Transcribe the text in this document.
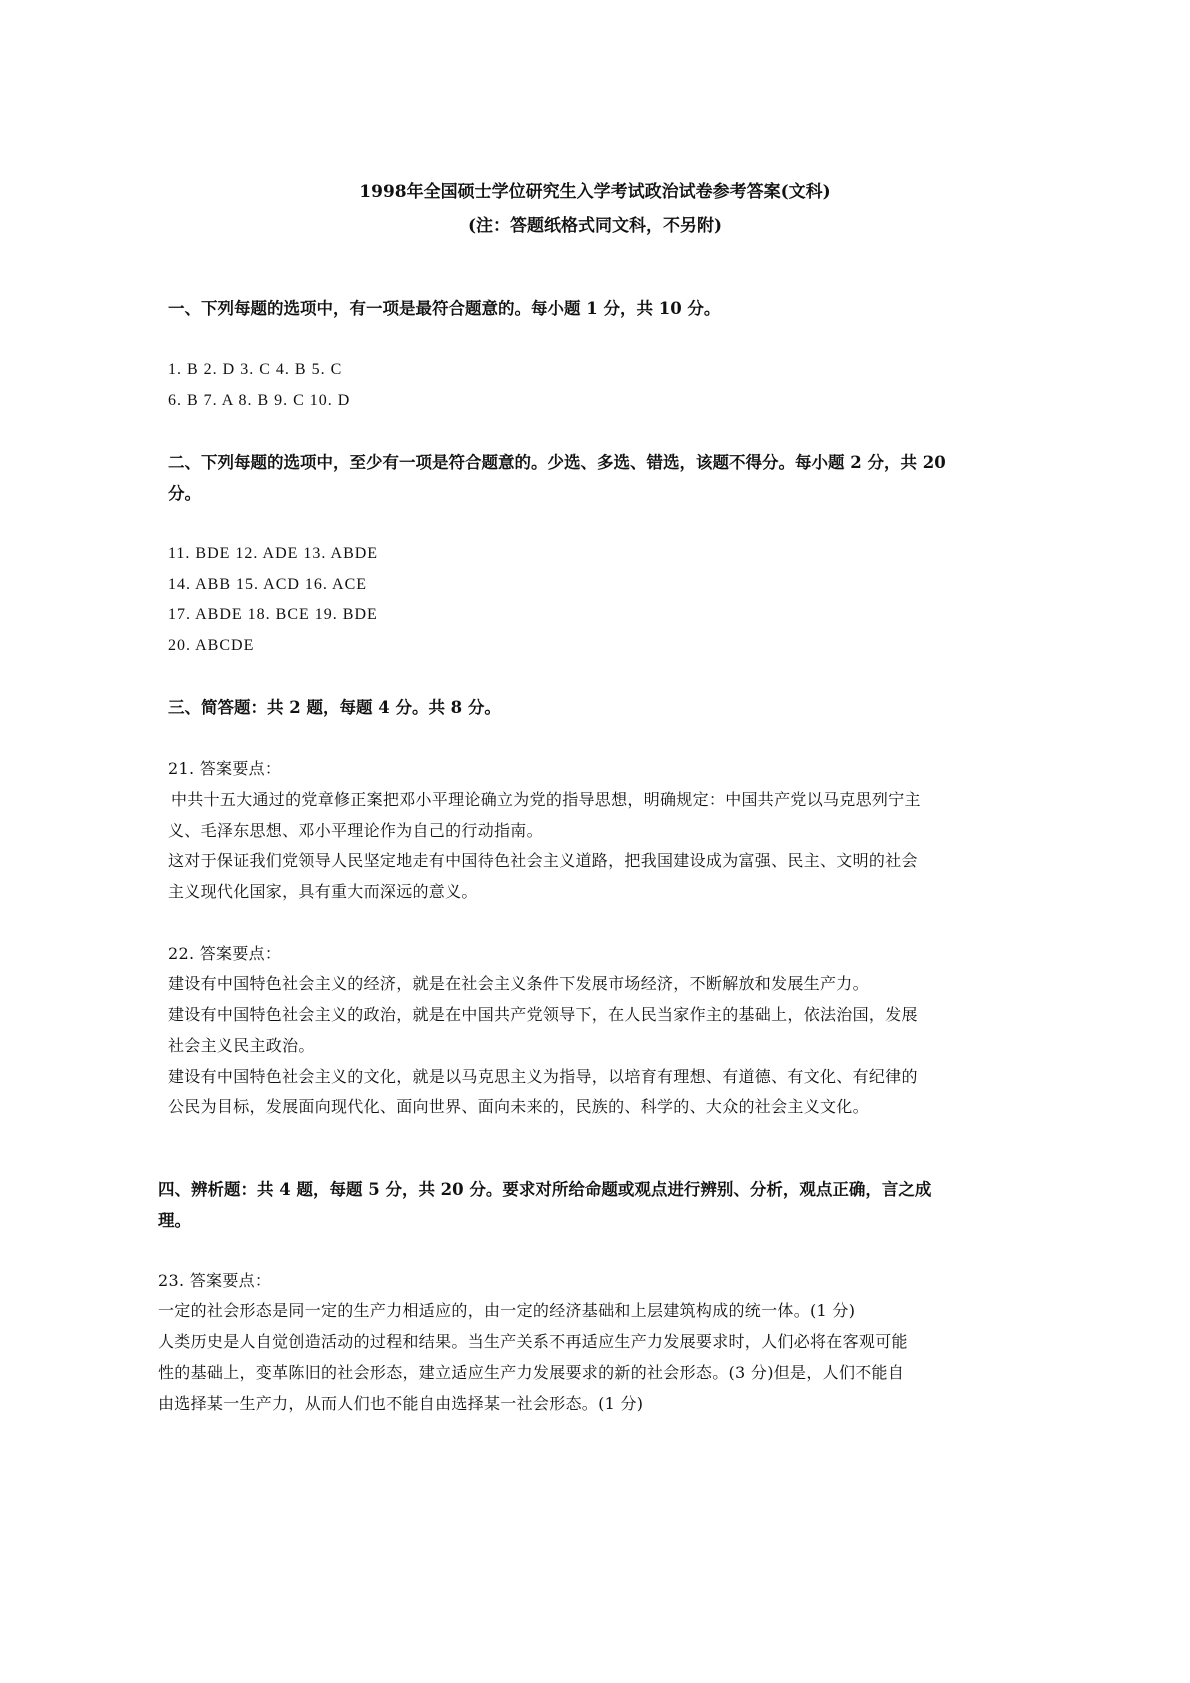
1998年全国硕士学位研究生入学考试政治试卷参考答案(文科)
(注：答题纸格式同文科，不另附)
一、下列每题的选项中，有一项是最符合题意的。每小题 1 分，共 10 分。
1. B 2. D 3. C 4. B 5. C
6. B 7. A 8. B 9. C 10. D
二、下列每题的选项中，至少有一项是符合题意的。少选、多选、错选，该题不得分。每小题 2 分，共 20
分。
11. BDE 12. ADE 13. ABDE
14. ABB 15. ACD 16. ACE
17. ABDE 18. BCE 19. BDE
20. ABCDE
三、简答题：共 2 题，每题 4 分。共 8 分。
21. 答案要点：
中共十五大通过的党章修正案把邓小平理论确立为党的指导思想，明确规定：中国共产党以马克思列宁主
义、毛泽东思想、邓小平理论作为自己的行动指南。
这对于保证我们党领导人民坚定地走有中国待色社会主义道路，把我国建设成为富强、民主、文明的社会
主义现代化国家，具有重大而深远的意义。
22. 答案要点：
建设有中国特色社会主义的经济，就是在社会主义条件下发展市场经济，不断解放和发展生产力。
建设有中国特色社会主义的政治，就是在中国共产党领导下，在人民当家作主的基础上，依法治国，发展
社会主义民主政治。
建设有中国特色社会主义的文化，就是以马克思主义为指导，以培育有理想、有道德、有文化、有纪律的
公民为目标，发展面向现代化、面向世界、面向未来的，民族的、科学的、大众的社会主义文化。
四、辨析题：共 4 题，每题 5 分，共 20 分。要求对所给命题或观点进行辨别、分析，观点正确，言之成
理。
23. 答案要点：
一定的社会形态是同一定的生产力相适应的，由一定的经济基础和上层建筑构成的统一体。(1 分)
人类历史是人自觉创造活动的过程和结果。当生产关系不再适应生产力发展要求时，人们必将在客观可能
性的基础上，变革陈旧的社会形态，建立适应生产力发展要求的新的社会形态。(3 分)但是，人们不能自
由选择某一生产力，从而人们也不能自由选择某一社会形态。(1 分)
